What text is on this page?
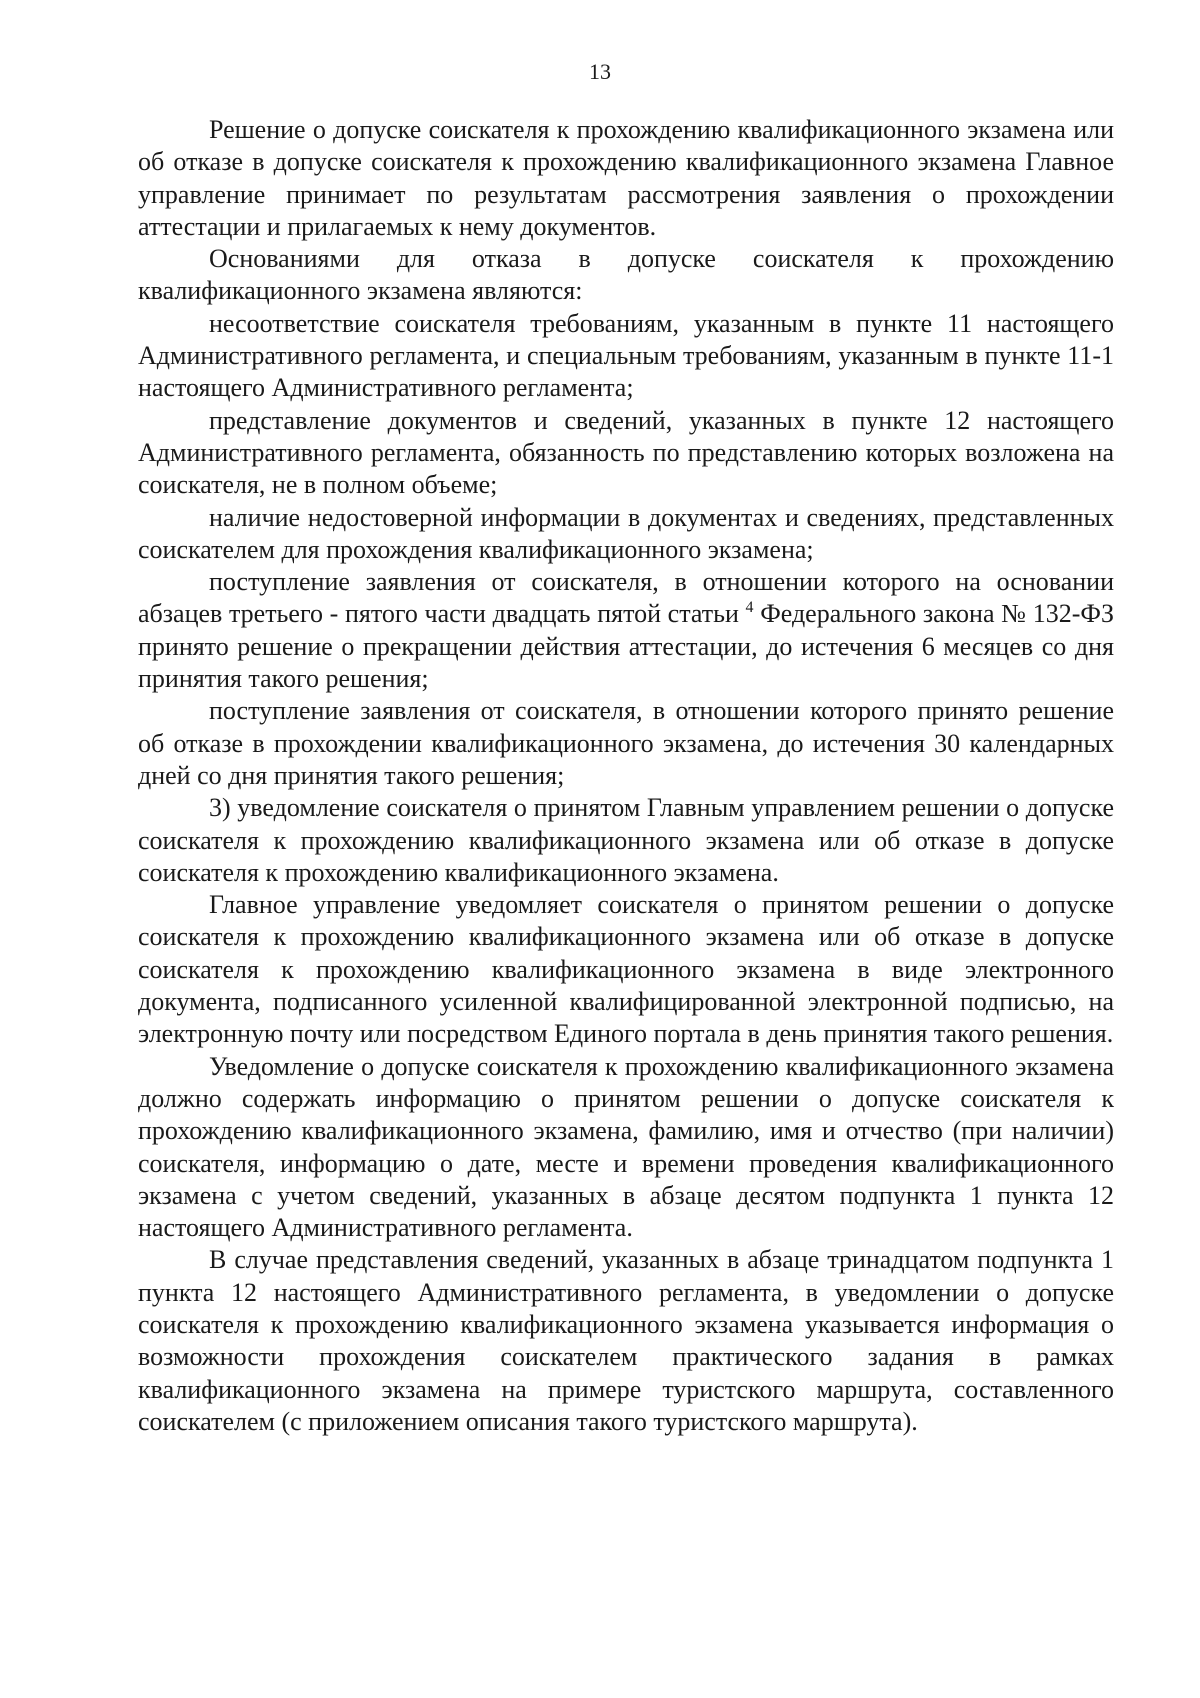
13

Решение о допуске соискателя к прохождению квалификационного экзамена или об отказе в допуске соискателя к прохождению квалификационного экзамена Главное управление принимает по результатам рассмотрения заявления о прохождении аттестации и прилагаемых к нему документов.

Основаниями для отказа в допуске соискателя к прохождению квалификационного экзамена являются:

несоответствие соискателя требованиям, указанным в пункте 11 настоящего Административного регламента, и специальным требованиям, указанным в пункте 11-1 настоящего Административного регламента;

представление документов и сведений, указанных в пункте 12 настоящего Административного регламента, обязанность по представлению которых возложена на соискателя, не в полном объеме;

наличие недостоверной информации в документах и сведениях, представленных соискателем для прохождения квалификационного экзамена;

поступление заявления от соискателя, в отношении которого на основании абзацев третьего - пятого части двадцать пятой статьи $^4$ Федерального закона № 132-ФЗ принято решение о прекращении действия аттестации, до истечения 6 месяцев со дня принятия такого решения;

поступление заявления от соискателя, в отношении которого принято решение об отказе в прохождении квалификационного экзамена, до истечения 30 календарных дней со дня принятия такого решения;

3) уведомление соискателя о принятом Главным управлением решении о допуске соискателя к прохождению квалификационного экзамена или об отказе в допуске соискателя к прохождению квалификационного экзамена.

Главное управление уведомляет соискателя о принятом решении о допуске соискателя к прохождению квалификационного экзамена или об отказе в допуске соискателя к прохождению квалификационного экзамена в виде электронного документа, подписанного усиленной квалифицированной электронной подписью, на электронную почту или посредством Единого портала в день принятия такого решения.

Уведомление о допуске соискателя к прохождению квалификационного экзамена должно содержать информацию о принятом решении о допуске соискателя к прохождению квалификационного экзамена, фамилию, имя и отчество (при наличии) соискателя, информацию о дате, месте и времени проведения квалификационного экзамена с учетом сведений, указанных в абзаце десятом подпункта 1 пункта 12 настоящего Административного регламента.

В случае представления сведений, указанных в абзаце тринадцатом подпункта 1 пункта 12 настоящего Административного регламента, в уведомлении о допуске соискателя к прохождению квалификационного экзамена указывается информация о возможности прохождения соискателем практического задания в рамках квалификационного экзамена на примере туристского маршрута, составленного соискателем (с приложением описания такого туристского маршрута).
